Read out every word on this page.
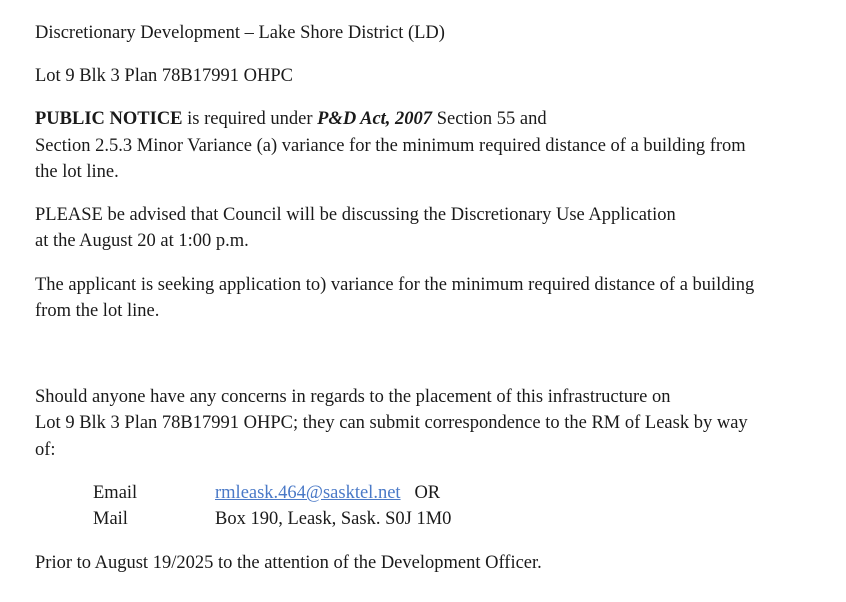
Discretionary Development – Lake Shore District (LD)
Lot 9 Blk 3 Plan 78B17991 OHPC
PUBLIC NOTICE is required under P&D Act, 2007 Section 55 and
Section 2.5.3 Minor Variance (a) variance for the minimum required distance of a building from
the lot line.
PLEASE be advised that Council will be discussing the Discretionary Use Application
at the August 20 at 1:00 p.m.
The applicant is seeking application to) variance for the minimum required distance of a building
from the lot line.
Should anyone have any concerns in regards to the placement of this infrastructure on
Lot 9 Blk 3 Plan 78B17991 OHPC; they can submit correspondence to the RM of Leask by way
of:
Email	rmleask.464@sasktel.net OR
Mail	Box 190, Leask, Sask. S0J 1M0
Prior to August 19/2025 to the attention of the Development Officer.
